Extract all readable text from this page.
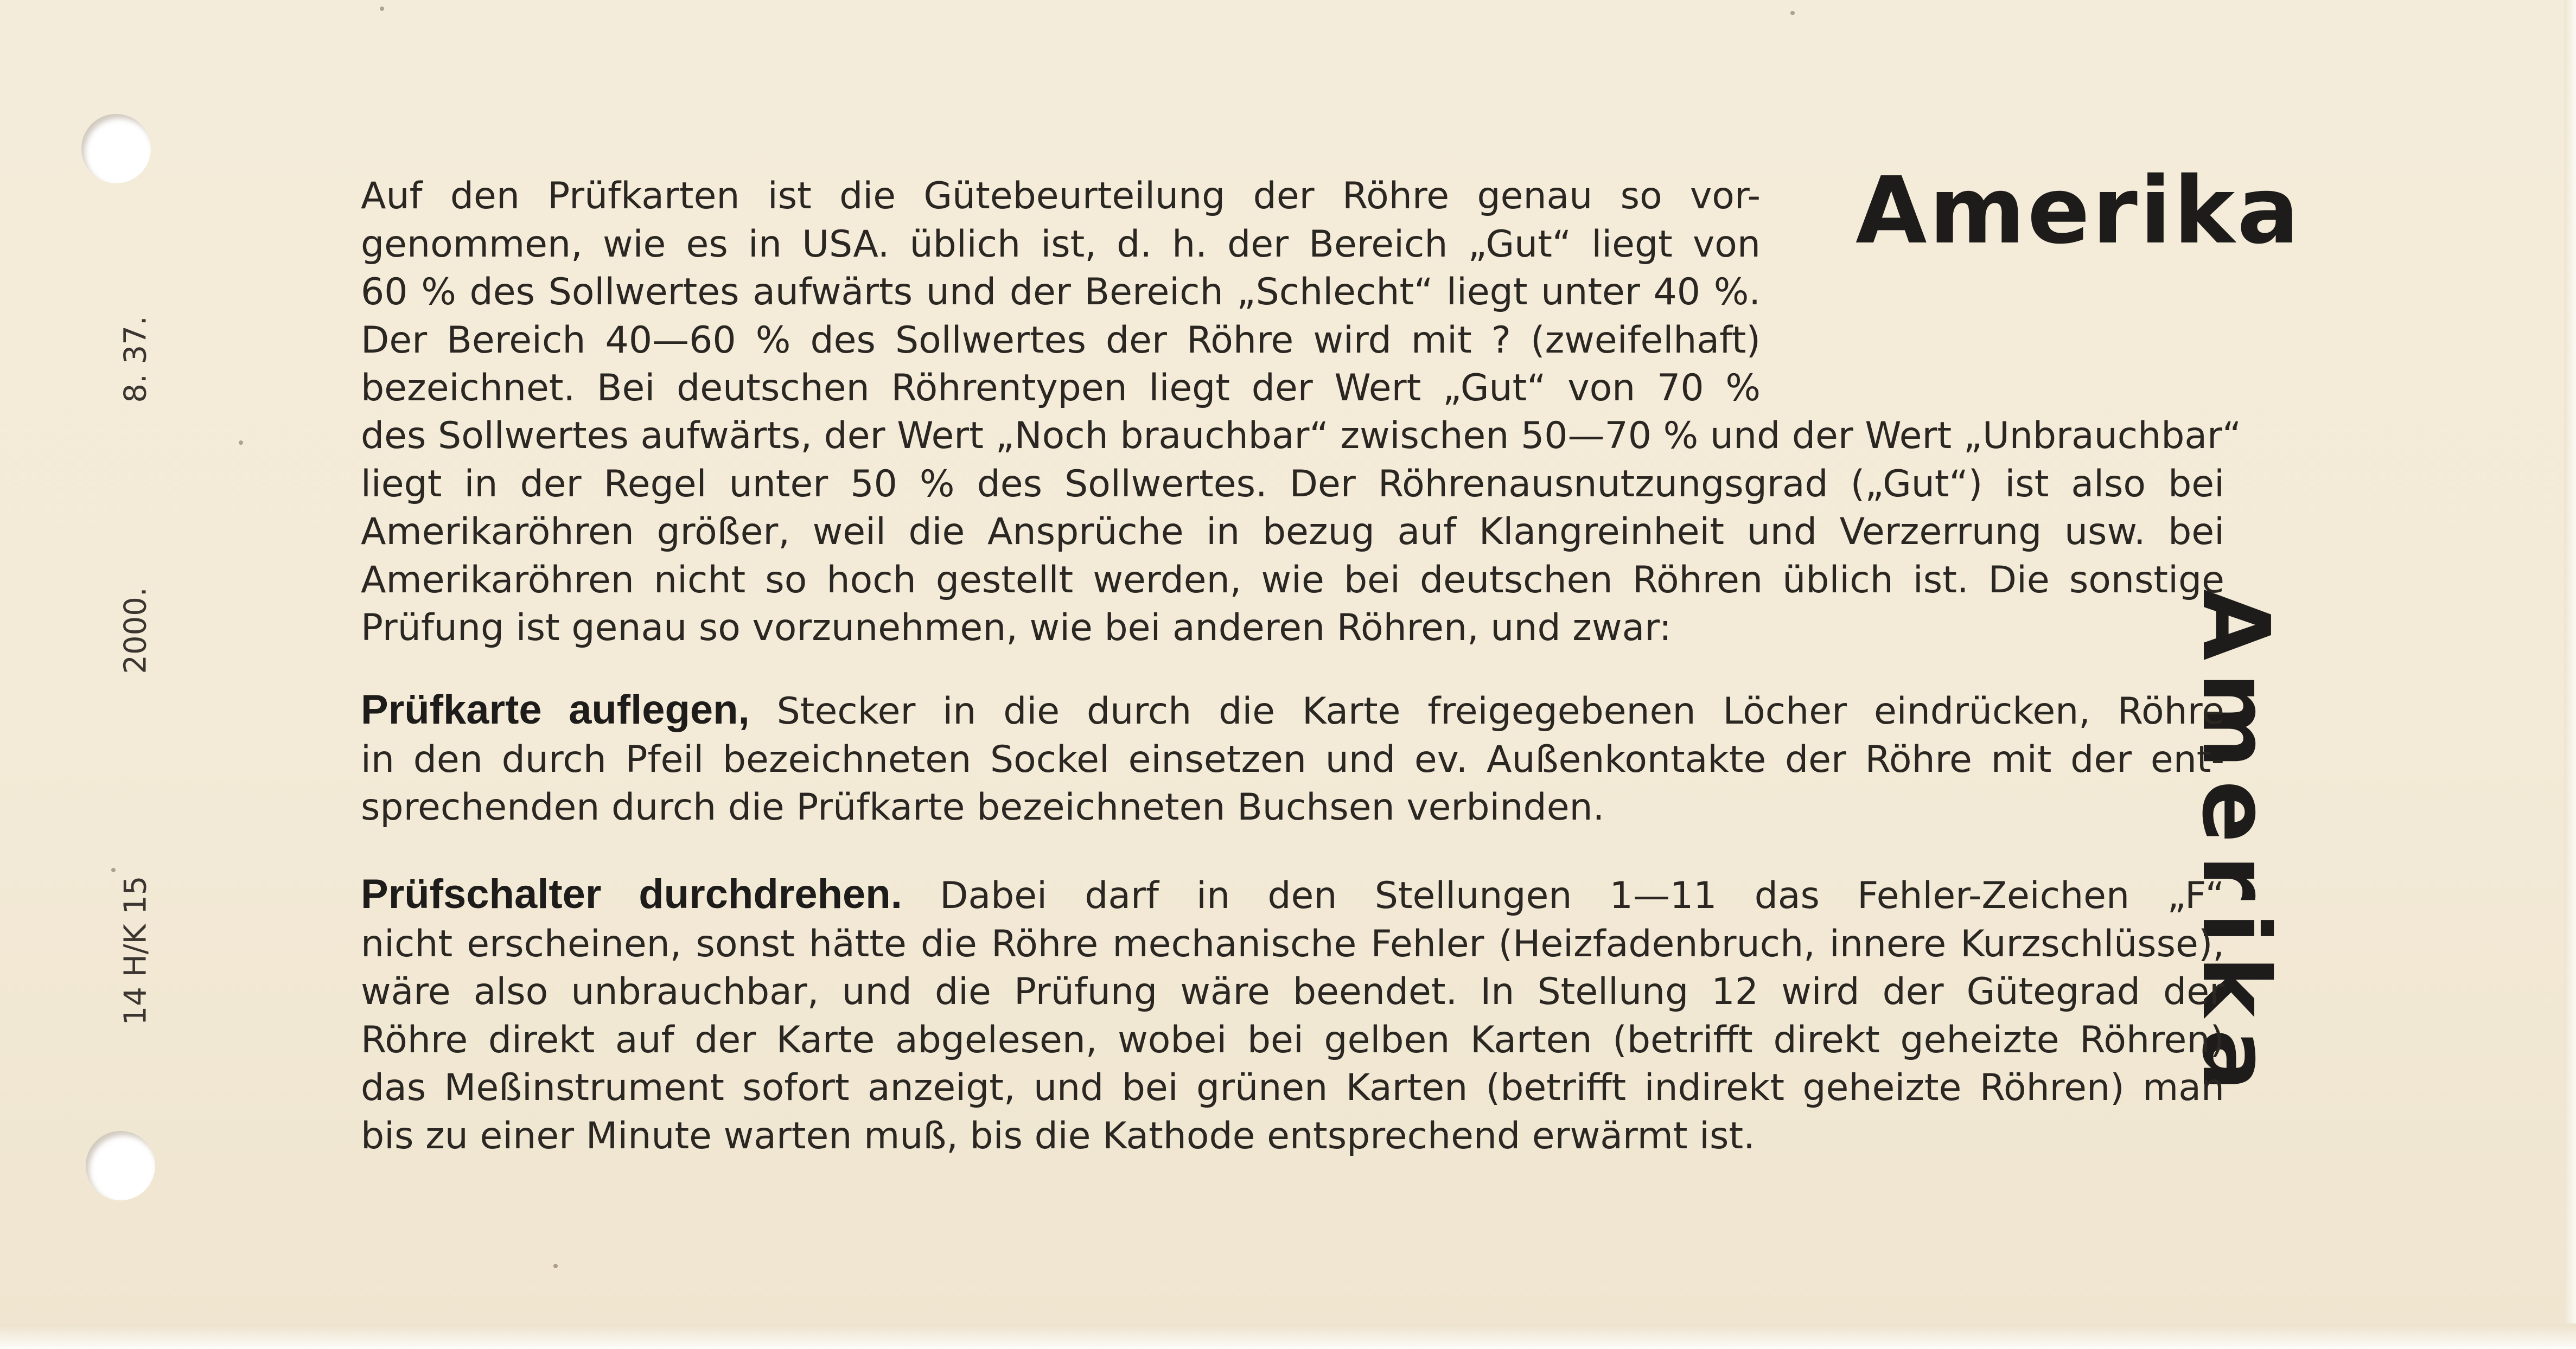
8. 37.
2000.
14 H/K 15
Amerika
Amerika
Auf den Prüfkarten ist die Gütebeurteilung der Röhre genau so vor-
genommen, wie es in USA. üblich ist, d. h. der Bereich „Gut“ liegt von
60 % des Sollwertes aufwärts und der Bereich „Schlecht“ liegt unter 40 %.
Der Bereich 40—60 % des Sollwertes der Röhre wird mit ? (zweifelhaft)
bezeichnet. Bei deutschen Röhrentypen liegt der Wert „Gut“ von 70 %
des Sollwertes aufwärts, der Wert „Noch brauchbar“ zwischen 50—70 % und der Wert „Unbrauchbar“
liegt in der Regel unter 50 % des Sollwertes. Der Röhrenausnutzungsgrad („Gut“) ist also bei
Amerikaröhren größer, weil die Ansprüche in bezug auf Klangreinheit und Verzerrung usw. bei
Amerikaröhren nicht so hoch gestellt werden, wie bei deutschen Röhren üblich ist. Die sonstige
Prüfung ist genau so vorzunehmen, wie bei anderen Röhren, und zwar:
Prüfkarte auflegen, Stecker in die durch die Karte freigegebenen Löcher eindrücken, Röhre
in den durch Pfeil bezeichneten Sockel einsetzen und ev. Außenkontakte der Röhre mit der ent-
sprechenden durch die Prüfkarte bezeichneten Buchsen verbinden.
Prüfschalter durchdrehen. Dabei darf in den Stellungen 1—11 das Fehler-Zeichen „F“
nicht erscheinen, sonst hätte die Röhre mechanische Fehler (Heizfadenbruch, innere Kurzschlüsse),
wäre also unbrauchbar, und die Prüfung wäre beendet. In Stellung 12 wird der Gütegrad der
Röhre direkt auf der Karte abgelesen, wobei bei gelben Karten (betrifft direkt geheizte Röhren)
das Meßinstrument sofort anzeigt, und bei grünen Karten (betrifft indirekt geheizte Röhren) man
bis zu einer Minute warten muß, bis die Kathode entsprechend erwärmt ist.
